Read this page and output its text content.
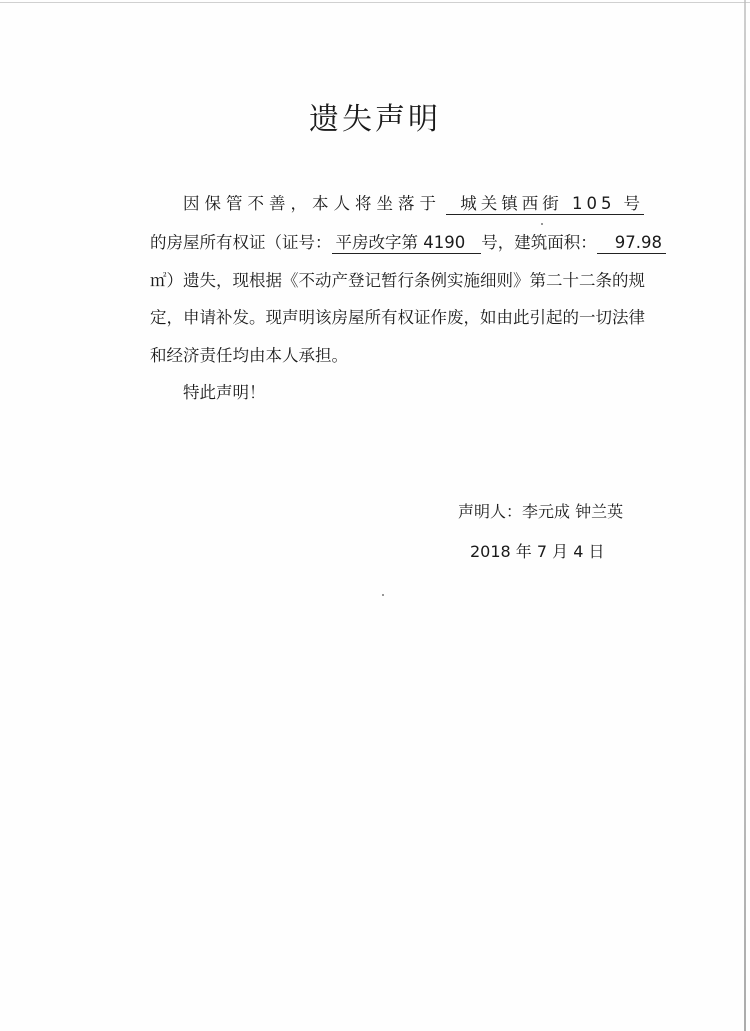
遗失声明
因保管不善，本人将坐落于 城关镇西街 105 号
的房屋所有权证（证号： 平房改字第 4190 号，建筑面积： 97.98
㎡）遗失，现根据《不动产登记暂行条例实施细则》第二十二条的规
定，申请补发。现声明该房屋所有权证作废，如由此引起的一切法律
和经济责任均由本人承担。
特此声明！
声明人：李元成 钟兰英
2018 年 7 月 4 日
